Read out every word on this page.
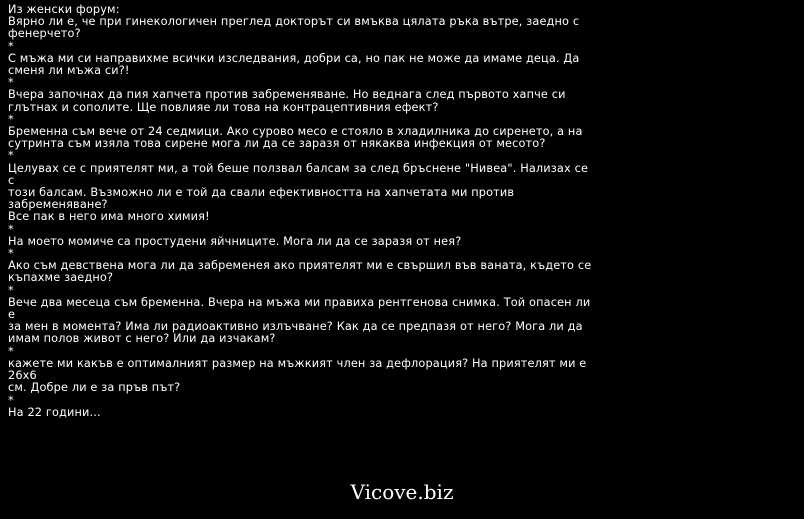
Из женски форум:

Вярно ли е, че при гинекологичен преглед докторът си вмъква цялата ръка вътре, заедно с
фенерчето?

*

С мъжа ми си направихме всички изследвания, добри са, но пак не може да имаме деца. Да
сменя ли мъжа си?!

*

Вчера започнах да пия хапчета против забременяване. Но веднага след първото хапче си
глътнах и сополите. Ще повлияе ли това на контрацептивния ефект?

*

Бременна съм вече от 24 седмици. Ако сурово месо е стояло в хладилника до сиренето, а на
сутринта съм изяла това сирене мога ли да се заразя от някаква инфекция от месото?

*

Целувах се с приятелят ми, а той беше ползвал балсам за след бръснене "Нивеа". Нализах се с
този балсам. Възможно ли е той да свали ефективността на хапчетата ми против забременяване?
Все пак в него има много химия!

*

На моето момиче са простудени яйчниците. Мога ли да се заразя от нея?

*

Ако съм девствена мога ли да забременея ако приятелят ми е свършил във ваната, където се
къпахме заедно?

*

Вече два месеца съм бременна. Вчера на мъжа ми правиха рентгенова снимка. Той опасен ли е
за мен в момента? Има ли радиоактивно излъчване? Как да се предпазя от него? Мога ли да
имам полов живот с него? Или да изчакам?

*

кажете ми какъв е оптималният размер на мъжкият член за дефлорация? На приятелят ми е 26х6
см. Добре ли е за пръв път?

*

На 22 години...

Vicove.biz
